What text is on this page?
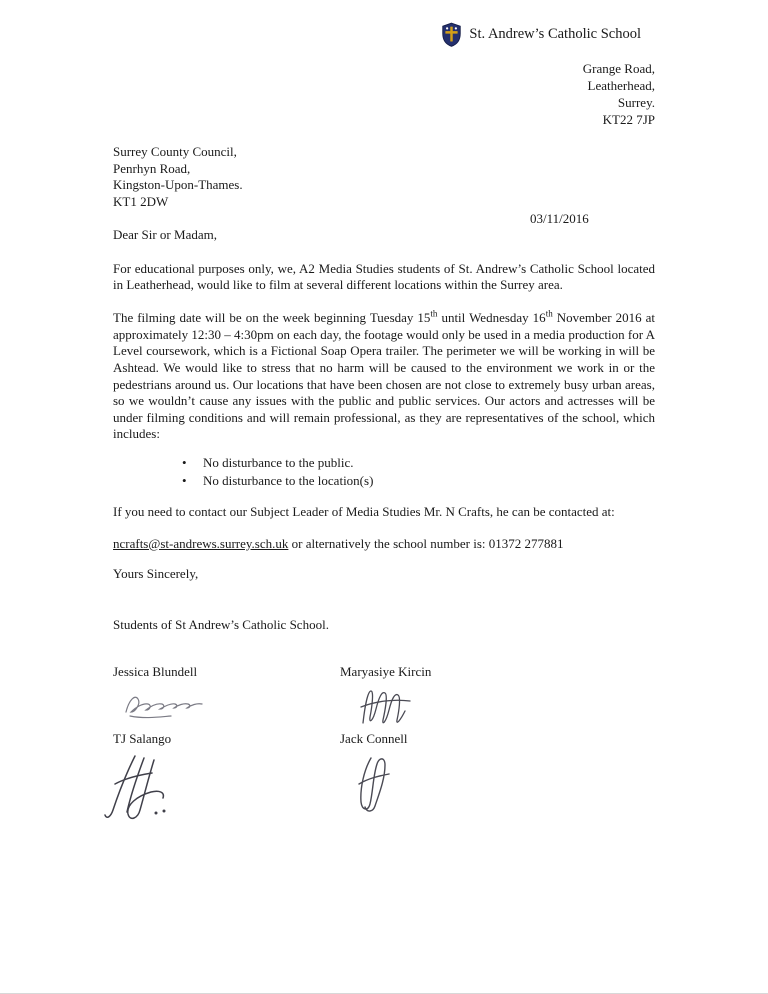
St. Andrew’s Catholic School
Grange Road,
Leatherhead,
Surrey.
KT22 7JP
Surrey County Council,
Penrhyn Road,
Kingston-Upon-Thames.
KT1 2DW
03/11/2016
Dear Sir or Madam,

For educational purposes only, we, A2 Media Studies students of St. Andrew’s Catholic School located in Leatherhead, would like to film at several different locations within the Surrey area.

The filming date will be on the week beginning Tuesday 15th until Wednesday 16th November 2016 at approximately 12:30 – 4:30pm on each day, the footage would only be used in a media production for A Level coursework, which is a Fictional Soap Opera trailer. The perimeter we will be working in will be Ashtead. We would like to stress that no harm will be caused to the environment we work in or the pedestrians around us. Our locations that have been chosen are not close to extremely busy urban areas, so we wouldn’t cause any issues with the public and public services. Our actors and actresses will be under filming conditions and will remain professional, as they are representatives of the school, which includes:

• No disturbance to the public.
• No disturbance to the location(s)

If you need to contact our Subject Leader of Media Studies Mr. N Crafts, he can be contacted at:

ncrafts@st-andrews.surrey.sch.uk or alternatively the school number is: 01372 277881

Yours Sincerely,

Students of St Andrew’s Catholic School.

Jessica Blundell	Maryasiye Kircin
TJ Salango	Jack Connell
